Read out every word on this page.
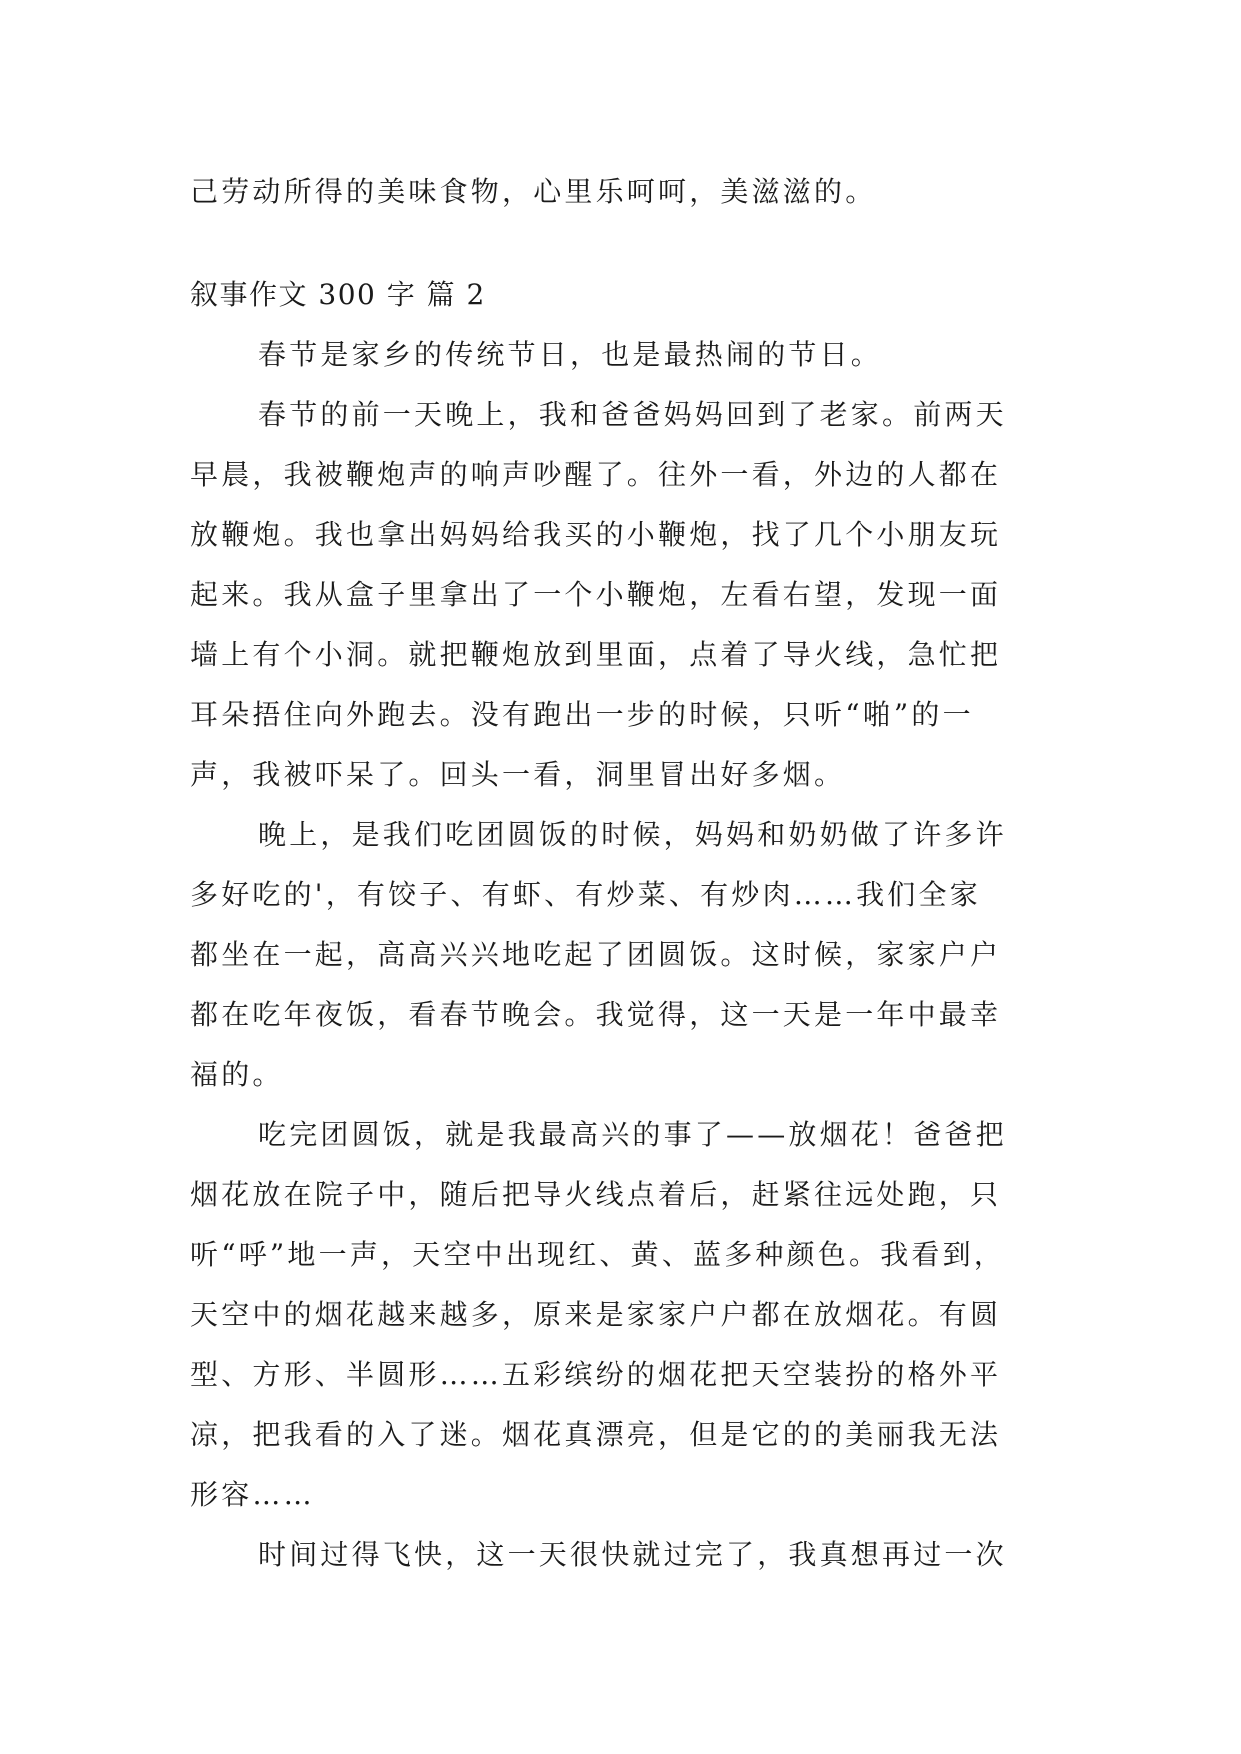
己劳动所得的美味食物，心里乐呵呵，美滋滋的。
叙事作文 300 字 篇 2
春节是家乡的传统节日，也是最热闹的节日。
春节的前一天晚上，我和爸爸妈妈回到了老家。前两天
早晨，我被鞭炮声的响声吵醒了。往外一看，外边的人都在
放鞭炮。我也拿出妈妈给我买的小鞭炮，找了几个小朋友玩
起来。我从盒子里拿出了一个小鞭炮，左看右望，发现一面
墙上有个小洞。就把鞭炮放到里面，点着了导火线，急忙把
耳朵捂住向外跑去。没有跑出一步的时候，只听“啪”的一
声，我被吓呆了。回头一看，洞里冒出好多烟。
晚上，是我们吃团圆饭的时候，妈妈和奶奶做了许多许
多好吃的'，有饺子、有虾、有炒菜、有炒肉……我们全家
都坐在一起，高高兴兴地吃起了团圆饭。这时候，家家户户
都在吃年夜饭，看春节晚会。我觉得，这一天是一年中最幸
福的。
吃完团圆饭，就是我最高兴的事了——放烟花！爸爸把
烟花放在院子中，随后把导火线点着后，赶紧往远处跑，只
听“呼”地一声，天空中出现红、黄、蓝多种颜色。我看到，
天空中的烟花越来越多，原来是家家户户都在放烟花。有圆
型、方形、半圆形……五彩缤纷的烟花把天空装扮的格外平
凉，把我看的入了迷。烟花真漂亮，但是它的的美丽我无法
形容……
时间过得飞快，这一天很快就过完了，我真想再过一次
